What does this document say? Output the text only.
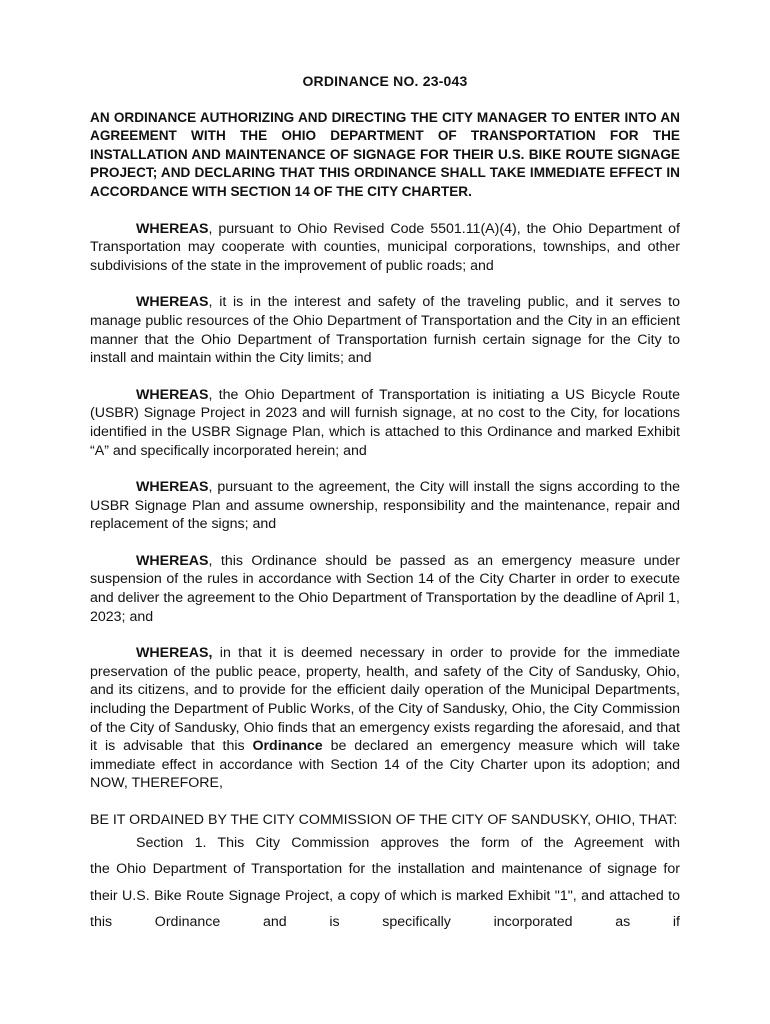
ORDINANCE NO. 23-043
AN ORDINANCE AUTHORIZING AND DIRECTING THE CITY MANAGER TO ENTER INTO AN AGREEMENT WITH THE OHIO DEPARTMENT OF TRANSPORTATION FOR THE INSTALLATION AND MAINTENANCE OF SIGNAGE FOR THEIR U.S. BIKE ROUTE SIGNAGE PROJECT; AND DECLARING THAT THIS ORDINANCE SHALL TAKE IMMEDIATE EFFECT IN ACCORDANCE WITH SECTION 14 OF THE CITY CHARTER.

WHEREAS, pursuant to Ohio Revised Code 5501.11(A)(4), the Ohio Department of Transportation may cooperate with counties, municipal corporations, townships, and other subdivisions of the state in the improvement of public roads; and

WHEREAS, it is in the interest and safety of the traveling public, and it serves to manage public resources of the Ohio Department of Transportation and the City in an efficient manner that the Ohio Department of Transportation furnish certain signage for the City to install and maintain within the City limits; and

WHEREAS, the Ohio Department of Transportation is initiating a US Bicycle Route (USBR) Signage Project in 2023 and will furnish signage, at no cost to the City, for locations identified in the USBR Signage Plan, which is attached to this Ordinance and marked Exhibit “A” and specifically incorporated herein; and

WHEREAS, pursuant to the agreement, the City will install the signs according to the USBR Signage Plan and assume ownership, responsibility and the maintenance, repair and replacement of the signs; and

WHEREAS, this Ordinance should be passed as an emergency measure under suspension of the rules in accordance with Section 14 of the City Charter in order to execute and deliver the agreement to the Ohio Department of Transportation by the deadline of April 1, 2023; and

WHEREAS, in that it is deemed necessary in order to provide for the immediate preservation of the public peace, property, health, and safety of the City of Sandusky, Ohio, and its citizens, and to provide for the efficient daily operation of the Municipal Departments, including the Department of Public Works, of the City of Sandusky, Ohio, the City Commission of the City of Sandusky, Ohio finds that an emergency exists regarding the aforesaid, and that it is advisable that this Ordinance be declared an emergency measure which will take immediate effect in accordance with Section 14 of the City Charter upon its adoption; and NOW, THEREFORE,

BE IT ORDAINED BY THE CITY COMMISSION OF THE CITY OF SANDUSKY, OHIO, THAT:

Section 1. This City Commission approves the form of the Agreement with
the Ohio Department of Transportation for the installation and maintenance of signage for their U.S. Bike Route Signage Project, a copy of which is marked Exhibit "1", and attached to this Ordinance and is specifically incorporated as if
